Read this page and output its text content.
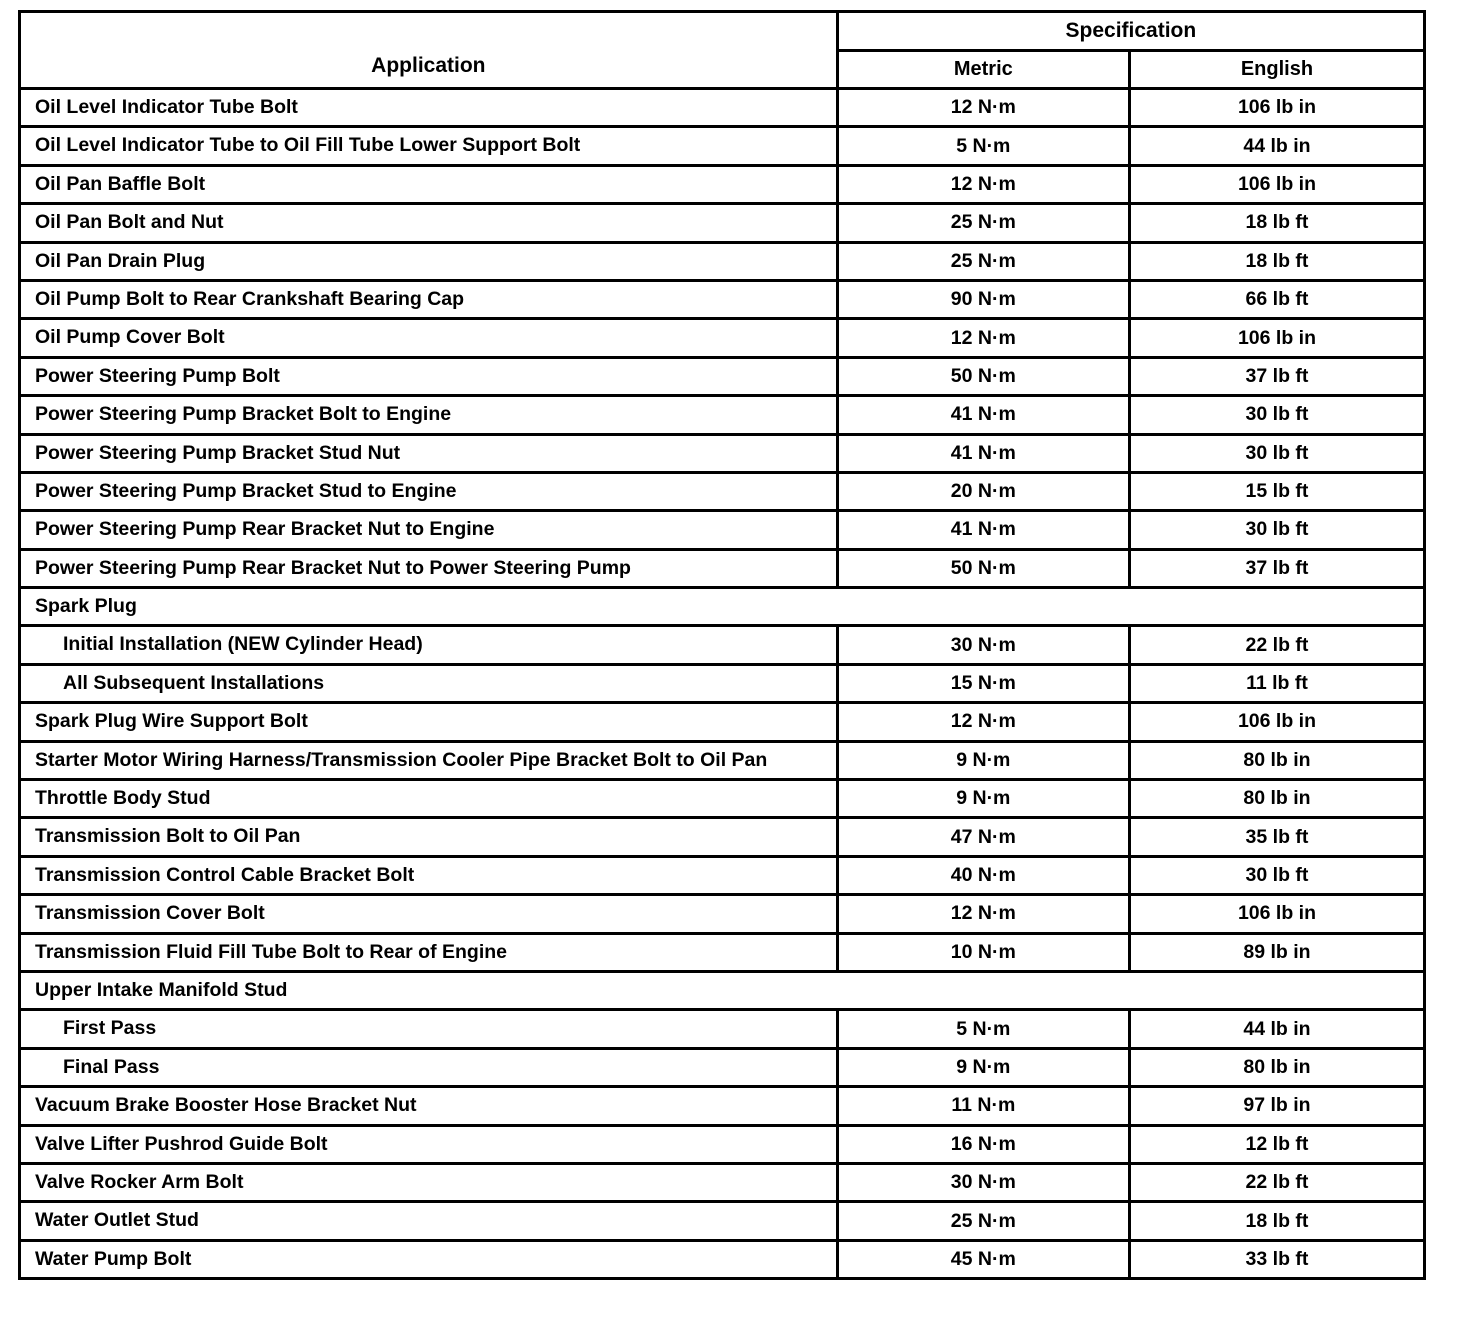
Application	Specification	
	Metric	English
Oil Level Indicator Tube Bolt	12 N·m	106 lb in
Oil Level Indicator Tube to Oil Fill Tube Lower Support Bolt	5 N·m	44 lb in
Oil Pan Baffle Bolt	12 N·m	106 lb in
Oil Pan Bolt and Nut	25 N·m	18 lb ft
Oil Pan Drain Plug	25 N·m	18 lb ft
Oil Pump Bolt to Rear Crankshaft Bearing Cap	90 N·m	66 lb ft
Oil Pump Cover Bolt	12 N·m	106 lb in
Power Steering Pump Bolt	50 N·m	37 lb ft
Power Steering Pump Bracket Bolt to Engine	41 N·m	30 lb ft
Power Steering Pump Bracket Stud Nut	41 N·m	30 lb ft
Power Steering Pump Bracket Stud to Engine	20 N·m	15 lb ft
Power Steering Pump Rear Bracket Nut to Engine	41 N·m	30 lb ft
Power Steering Pump Rear Bracket Nut to Power Steering Pump	50 N·m	37 lb ft
Spark Plug		
Initial Installation (NEW Cylinder Head)	30 N·m	22 lb ft
All Subsequent Installations	15 N·m	11 lb ft
Spark Plug Wire Support Bolt	12 N·m	106 lb in
Starter Motor Wiring Harness/Transmission Cooler Pipe Bracket Bolt to Oil Pan	9 N·m	80 lb in
Throttle Body Stud	9 N·m	80 lb in
Transmission Bolt to Oil Pan	47 N·m	35 lb ft
Transmission Control Cable Bracket Bolt	40 N·m	30 lb ft
Transmission Cover Bolt	12 N·m	106 lb in
Transmission Fluid Fill Tube Bolt to Rear of Engine	10 N·m	89 lb in
Upper Intake Manifold Stud		
First Pass	5 N·m	44 lb in
Final Pass	9 N·m	80 lb in
Vacuum Brake Booster Hose Bracket Nut	11 N·m	97 lb in
Valve Lifter Pushrod Guide Bolt	16 N·m	12 lb ft
Valve Rocker Arm Bolt	30 N·m	22 lb ft
Water Outlet Stud	25 N·m	18 lb ft
Water Pump Bolt	45 N·m	33 lb ft
